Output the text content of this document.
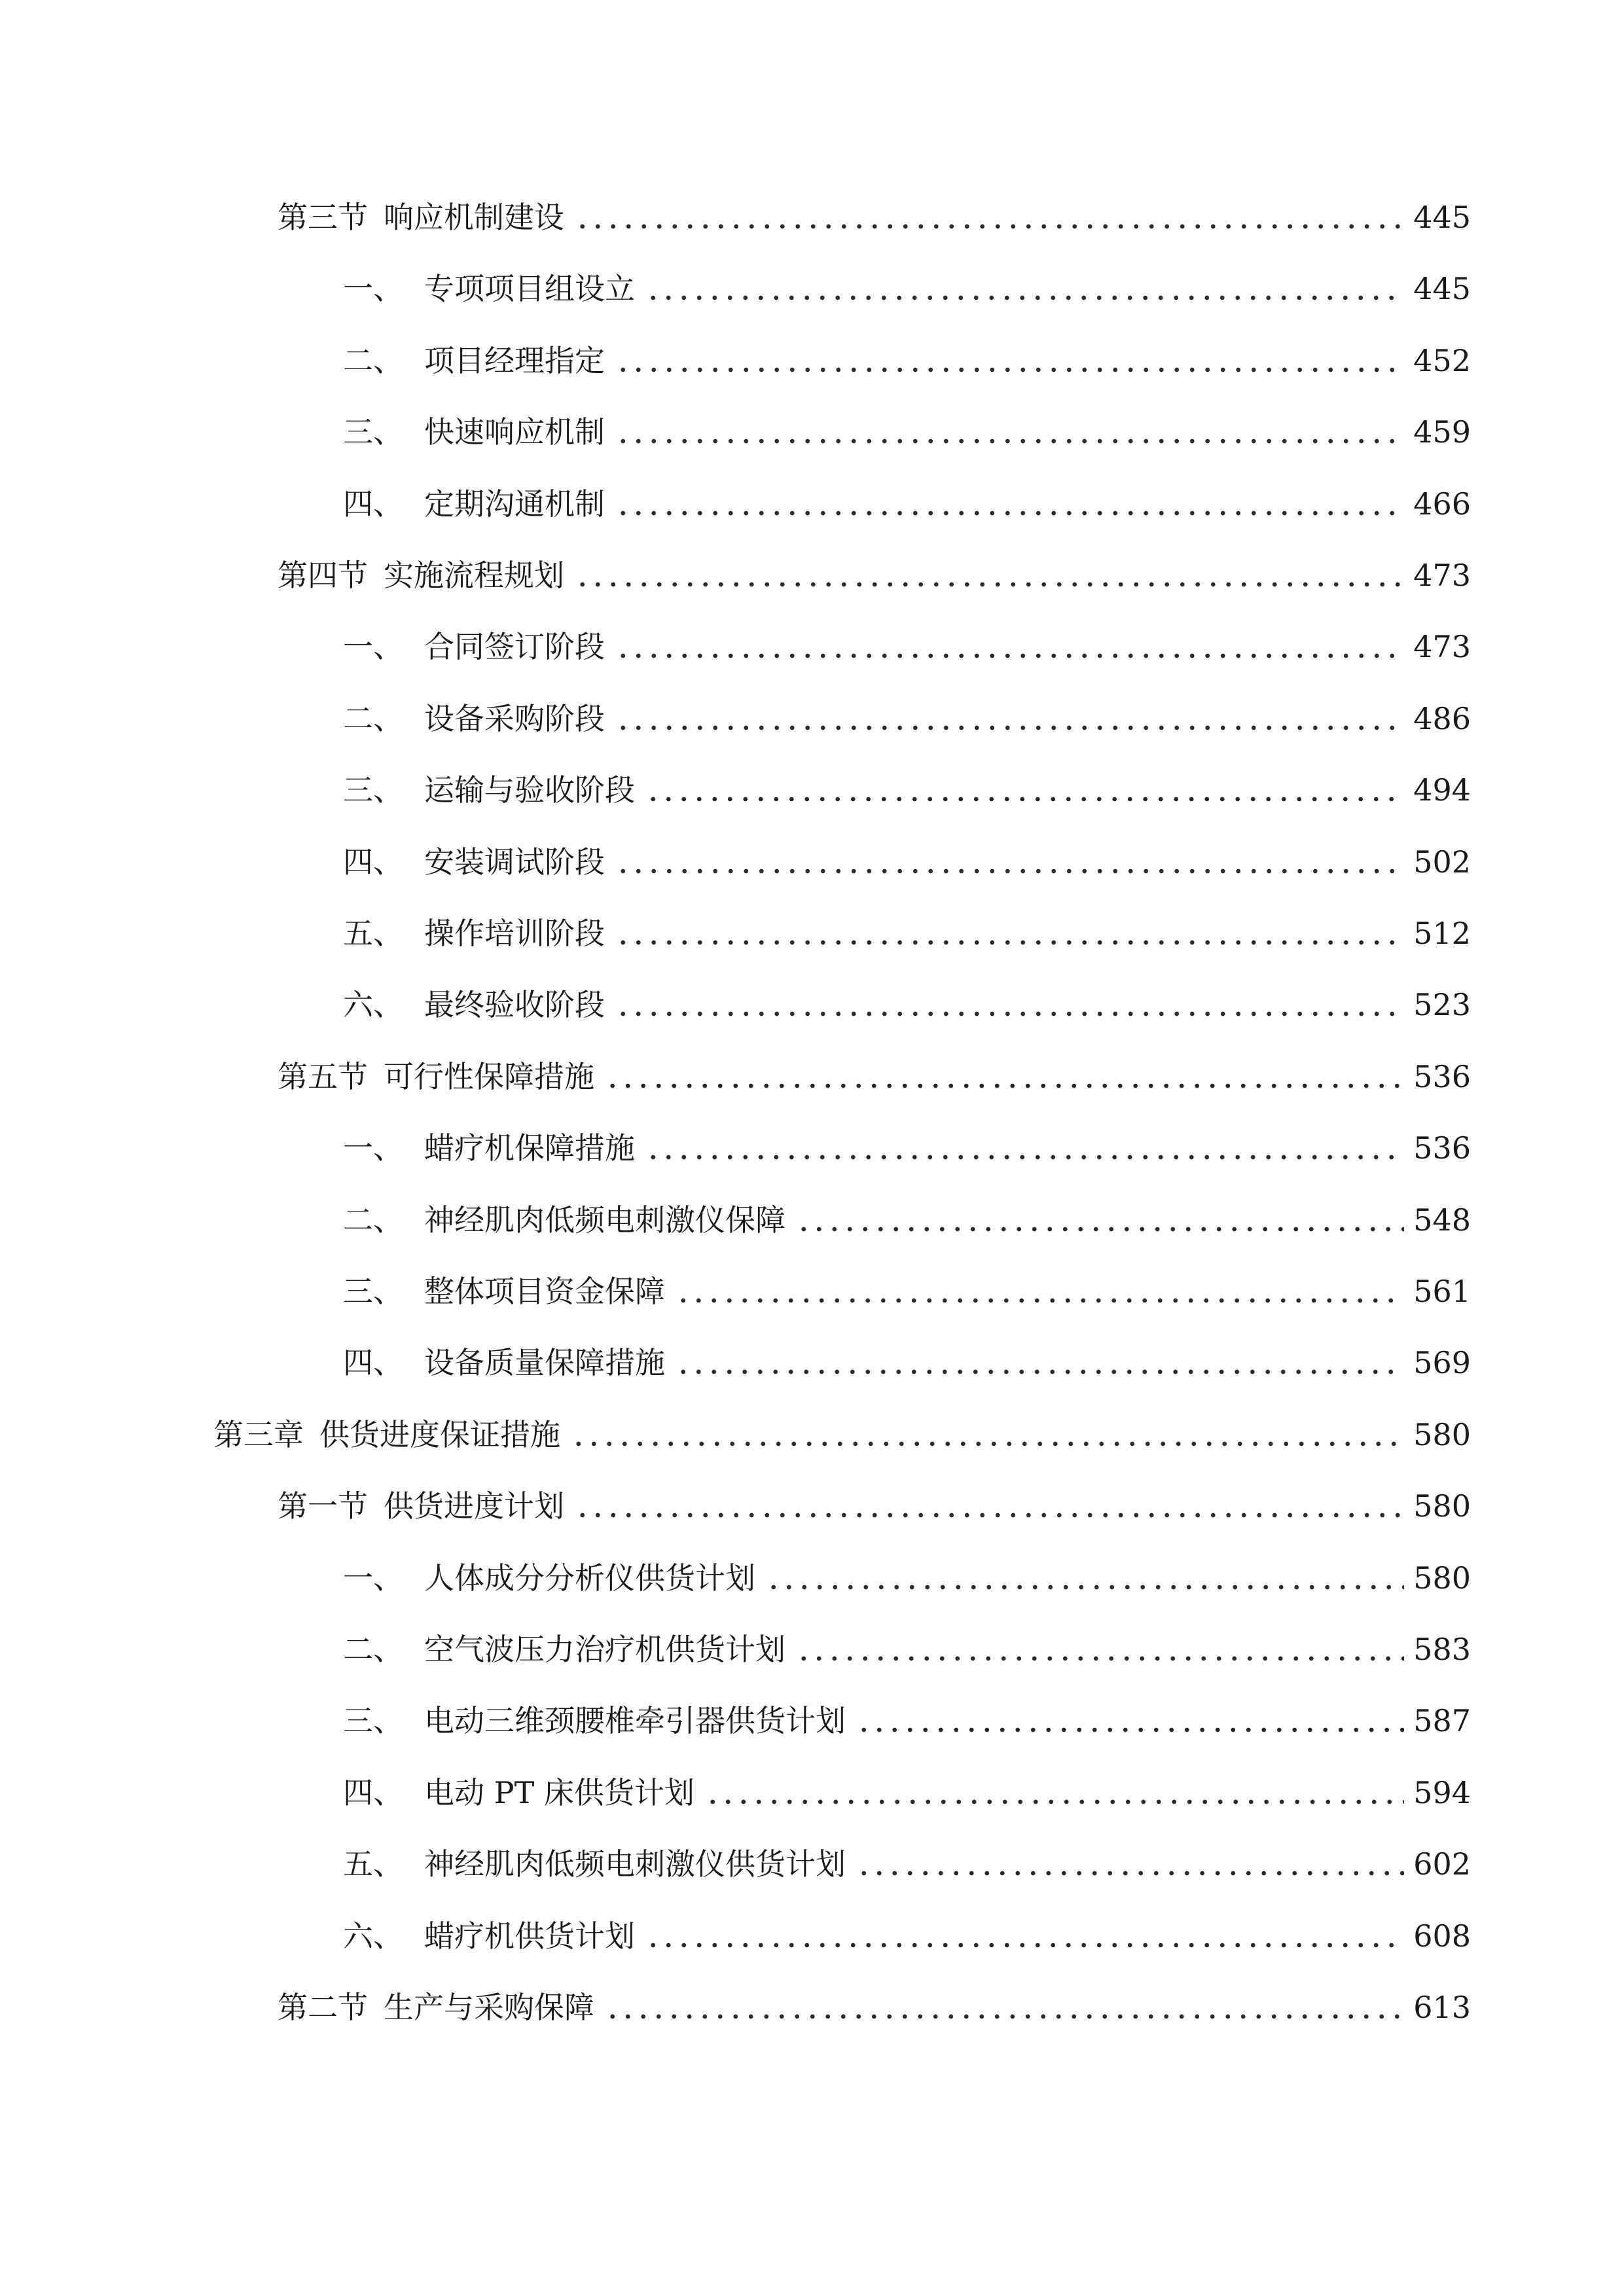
第三节 响应机制建设	445
一、 专项项目组设立	445
二、 项目经理指定	452
三、 快速响应机制	459
四、 定期沟通机制	466
第四节 实施流程规划	473
一、 合同签订阶段	473
二、 设备采购阶段	486
三、 运输与验收阶段	494
四、 安装调试阶段	502
五、 操作培训阶段	512
六、 最终验收阶段	523
第五节 可行性保障措施	536
一、 蜡疗机保障措施	536
二、 神经肌肉低频电刺激仪保障	548
三、 整体项目资金保障	561
四、 设备质量保障措施	569
第三章 供货进度保证措施	580
第一节 供货进度计划	580
一、 人体成分分析仪供货计划	580
二、 空气波压力治疗机供货计划	583
三、 电动三维颈腰椎牵引器供货计划	587
四、 电动 PT 床供货计划	594
五、 神经肌肉低频电刺激仪供货计划	602
六、 蜡疗机供货计划	608
第二节 生产与采购保障	613
